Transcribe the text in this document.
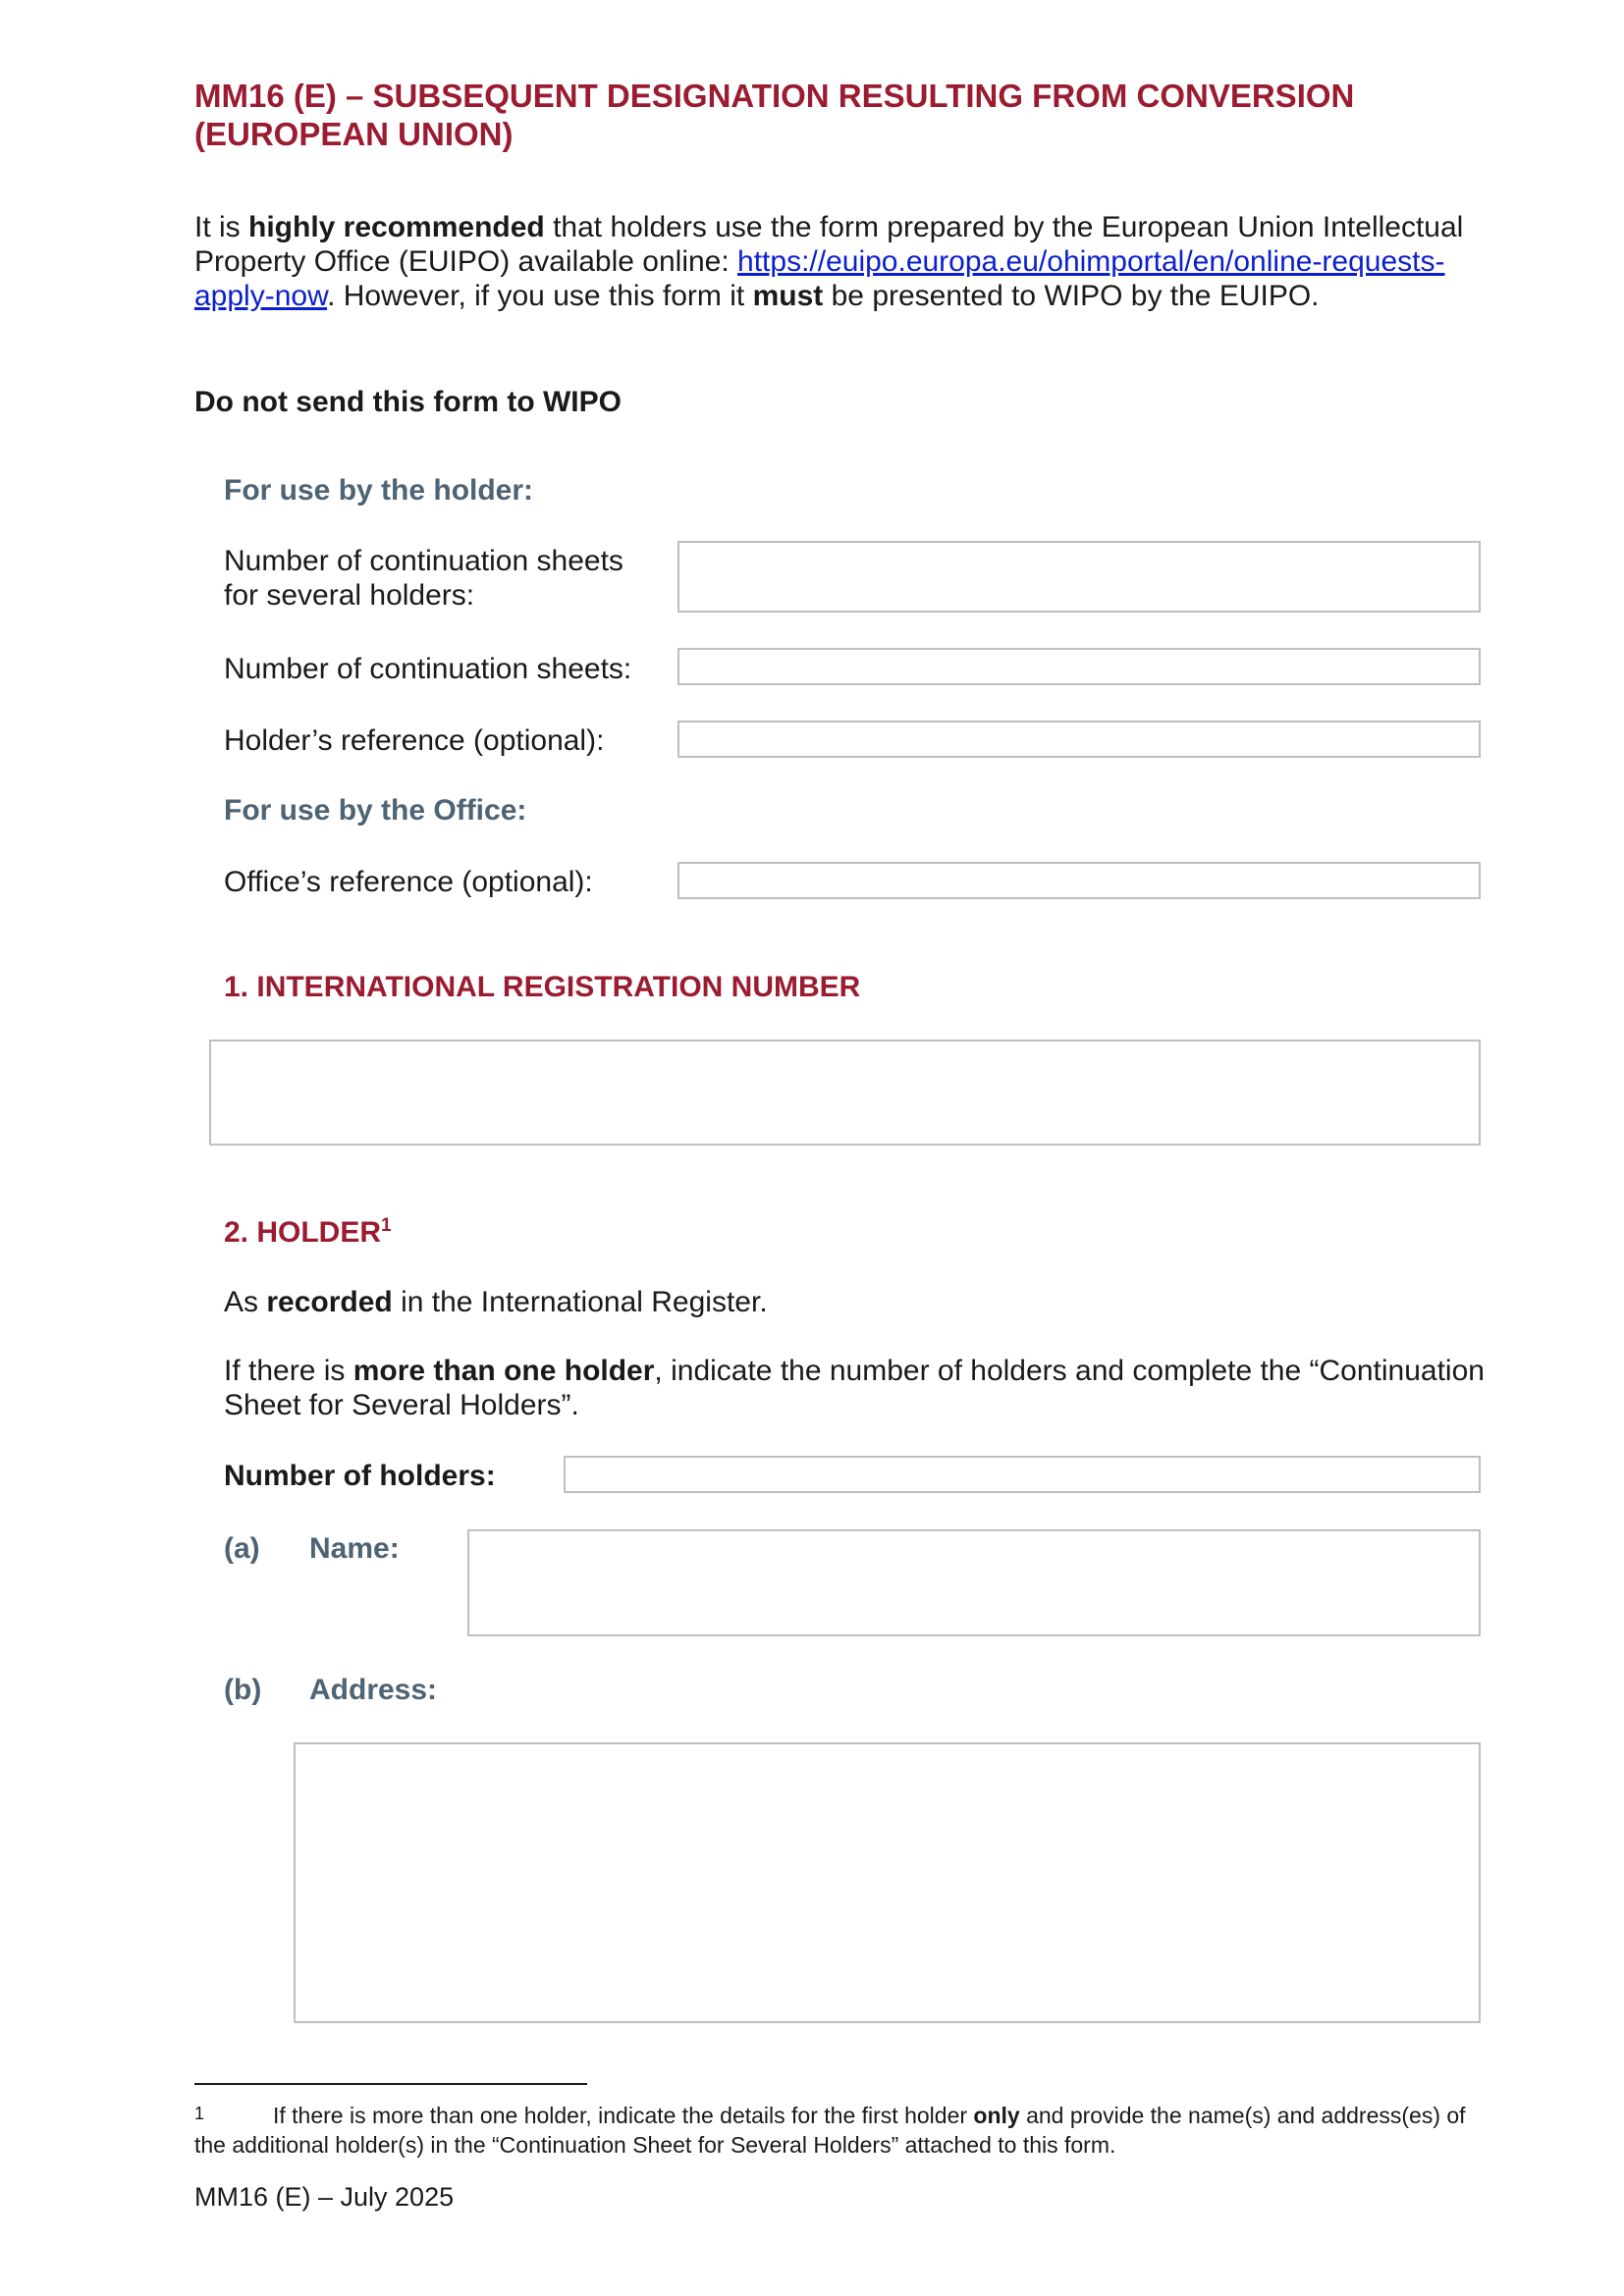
MM16 (E) – SUBSEQUENT DESIGNATION RESULTING FROM CONVERSION (EUROPEAN UNION)

It is highly recommended that holders use the form prepared by the European Union Intellectual Property Office (EUIPO) available online: https://euipo.europa.eu/ohimportal/en/online-requests-apply-now. However, if you use this form it must be presented to WIPO by the EUIPO.

Do not send this form to WIPO
For use by the holder:
Number of continuation sheets for several holders:
Number of continuation sheets:
Holder’s reference (optional):
For use by the Office:
Office’s reference (optional):
1. INTERNATIONAL REGISTRATION NUMBER
2. HOLDER$^1$

As recorded in the International Register.

If there is more than one holder, indicate the number of holders and complete the “Continuation Sheet for Several Holders”.

Number of holders:
(a) Name:
(b) Address:
1	If there is more than one holder, indicate the details for the first holder only and provide the name(s) and address(es) of the additional holder(s) in the “Continuation Sheet for Several Holders” attached to this form.

MM16 (E) – July 2025
